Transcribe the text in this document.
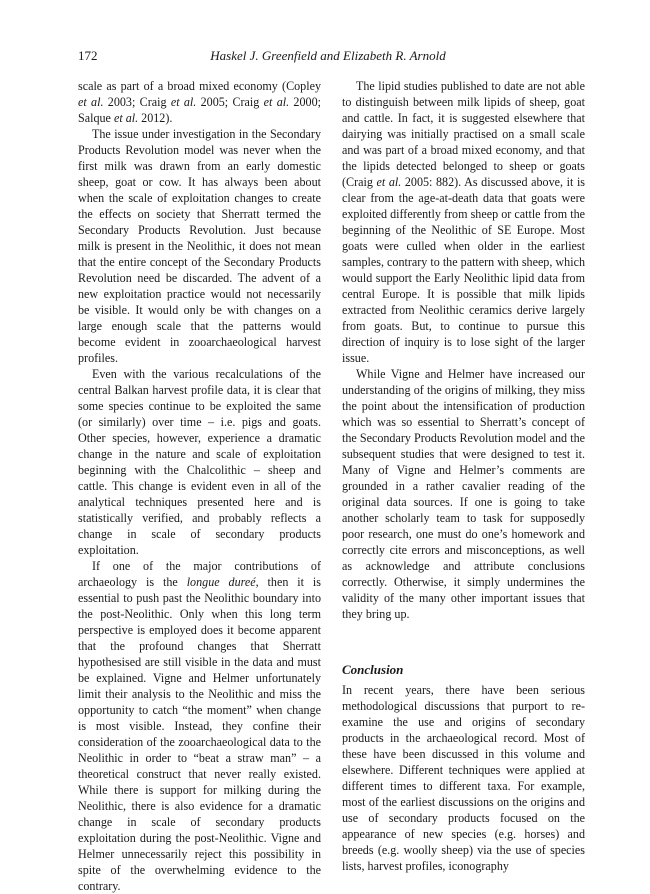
172	Haskel J. Greenfield and Elizabeth R. Arnold

scale as part of a broad mixed economy (Copley et al. 2003; Craig et al. 2005; Craig et al. 2000; Salque et al. 2012).

The issue under investigation in the Secondary Products Revolution model was never when the first milk was drawn from an early domestic sheep, goat or cow. It has always been about when the scale of exploitation changes to create the effects on society that Sherratt termed the Secondary Products Revolution. Just because milk is present in the Neolithic, it does not mean that the entire concept of the Secondary Products Revolution need be discarded. The advent of a new exploitation practice would not necessarily be visible. It would only be with changes on a large enough scale that the patterns would become evident in zooarchaeological harvest profiles.

Even with the various recalculations of the central Balkan harvest profile data, it is clear that some species continue to be exploited the same (or similarly) over time – i.e. pigs and goats. Other species, however, experience a dramatic change in the nature and scale of exploitation beginning with the Chalcolithic – sheep and cattle. This change is evident even in all of the analytical techniques presented here and is statistically verified, and probably reflects a change in scale of secondary products exploitation.

If one of the major contributions of archaeology is the longue dureé, then it is essential to push past the Neolithic boundary into the post-Neolithic. Only when this long term perspective is employed does it become apparent that the profound changes that Sherratt hypothesised are still visible in the data and must be explained. Vigne and Helmer unfortunately limit their analysis to the Neolithic and miss the opportunity to catch “the moment” when change is most visible. Instead, they confine their consideration of the zooarchaeological data to the Neolithic in order to “beat a straw man” – a theoretical construct that never really existed. While there is support for milking during the Neolithic, there is also evidence for a dramatic change in scale of secondary products exploitation during the post-Neolithic. Vigne and Helmer unnecessarily reject this possibility in spite of the overwhelming evidence to the contrary.

The lipid studies published to date are not able to distinguish between milk lipids of sheep, goat and cattle. In fact, it is suggested elsewhere that dairying was initially practised on a small scale and was part of a broad mixed economy, and that the lipids detected belonged to sheep or goats (Craig et al. 2005: 882). As discussed above, it is clear from the age-at-death data that goats were exploited differently from sheep or cattle from the beginning of the Neolithic of SE Europe. Most goats were culled when older in the earliest samples, contrary to the pattern with sheep, which would support the Early Neolithic lipid data from central Europe. It is possible that milk lipids extracted from Neolithic ceramics derive largely from goats. But, to continue to pursue this direction of inquiry is to lose sight of the larger issue.

While Vigne and Helmer have increased our understanding of the origins of milking, they miss the point about the intensification of production which was so essential to Sherratt’s concept of the Secondary Products Revolution model and the subsequent studies that were designed to test it. Many of Vigne and Helmer’s comments are grounded in a rather cavalier reading of the original data sources. If one is going to take another scholarly team to task for supposedly poor research, one must do one’s homework and correctly cite errors and misconceptions, as well as acknowledge and attribute conclusions correctly. Otherwise, it simply undermines the validity of the many other important issues that they bring up.

Conclusion

In recent years, there have been serious methodological discussions that purport to re-examine the use and origins of secondary products in the archaeological record. Most of these have been discussed in this volume and elsewhere. Different techniques were applied at different times to different taxa. For example, most of the earliest discussions on the origins and use of secondary products focused on the appearance of new species (e.g. horses) and breeds (e.g. woolly sheep) via the use of species lists, harvest profiles, iconography
